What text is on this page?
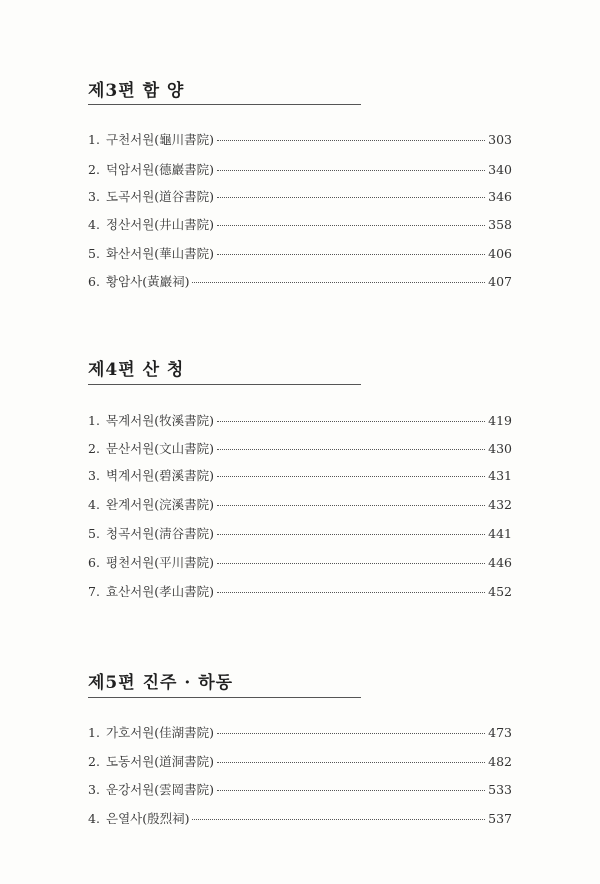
제3편 함 양
1. 구천서원(龜川書院)	303
2. 덕암서원(德巖書院)	340
3. 도곡서원(道谷書院)	346
4. 정산서원(井山書院)	358
5. 화산서원(華山書院)	406
6. 황암사(黃巖祠)	407
제4편 산 청
1. 목계서원(牧溪書院)	419
2. 문산서원(文山書院)	430
3. 벽계서원(碧溪書院)	431
4. 완계서원(浣溪書院)	432
5. 청곡서원(淸谷書院)	441
6. 평천서원(平川書院)	446
7. 효산서원(孝山書院)	452
제5편 진주 · 하동
1. 가호서원(佳湖書院)	473
2. 도동서원(道洞書院)	482
3. 운강서원(雲岡書院)	533
4. 은열사(殷烈祠)	537
